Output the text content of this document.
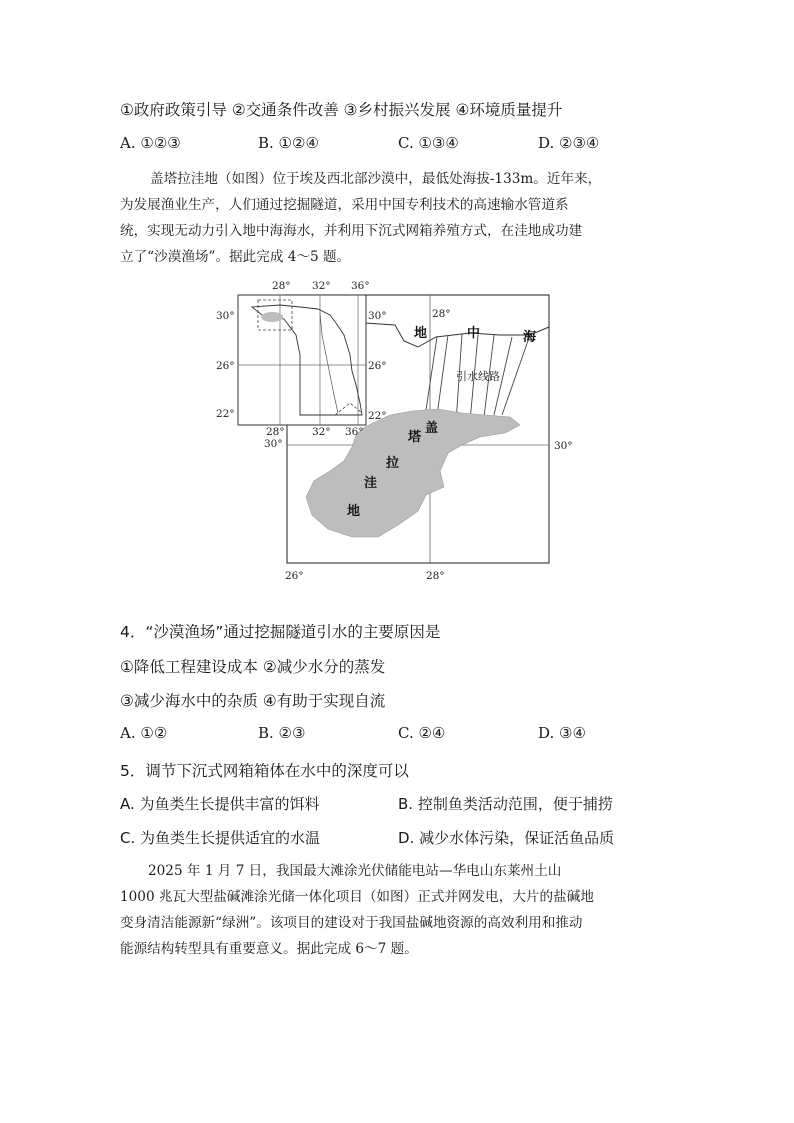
①政府政策引导 ②交通条件改善 ③乡村振兴发展 ④环境质量提升
A. ①②③	B. ①②④	C. ①③④	D. ②③④

盖塔拉洼地（如图）位于埃及西北部沙漠中，最低处海拔-133m。近年来，

为发展渔业生产，人们通过挖掘隧道，采用中国专利技术的高速输水管道系

统，实现无动力引入地中海海水，并利用下沉式网箱养殖方式，在洼地成功建

立了“沙漠渔场”。据此完成 4～5 题。

28° 32° 36°
30°
26°
22°
30°
26°
22°
28°	32° 36°
28°
30°	30°
26°	28°
地	中	海
引水线路
盖
塔
拉
洼
地
4．“沙漠渔场”通过挖掘隧道引水的主要原因是
①降低工程建设成本 ②减少水分的蒸发
③减少海水中的杂质 ④有助于实现自流
A. ①②	B. ②③	C. ②④	D. ③④
5．调节下沉式网箱箱体在水中的深度可以
A. 为鱼类生长提供丰富的饵料	B. 控制鱼类活动范围，便于捕捞
C. 为鱼类生长提供适宜的水温	D. 减少水体污染，保证活鱼品质

2025 年 1 月 7 日，我国最大滩涂光伏储能电站—华电山东莱州土山

1000 兆瓦大型盐碱滩涂光储一体化项目（如图）正式并网发电，大片的盐碱地

变身清洁能源新“绿洲”。该项目的建设对于我国盐碱地资源的高效利用和推动

能源结构转型具有重要意义。据此完成 6～7 题。
